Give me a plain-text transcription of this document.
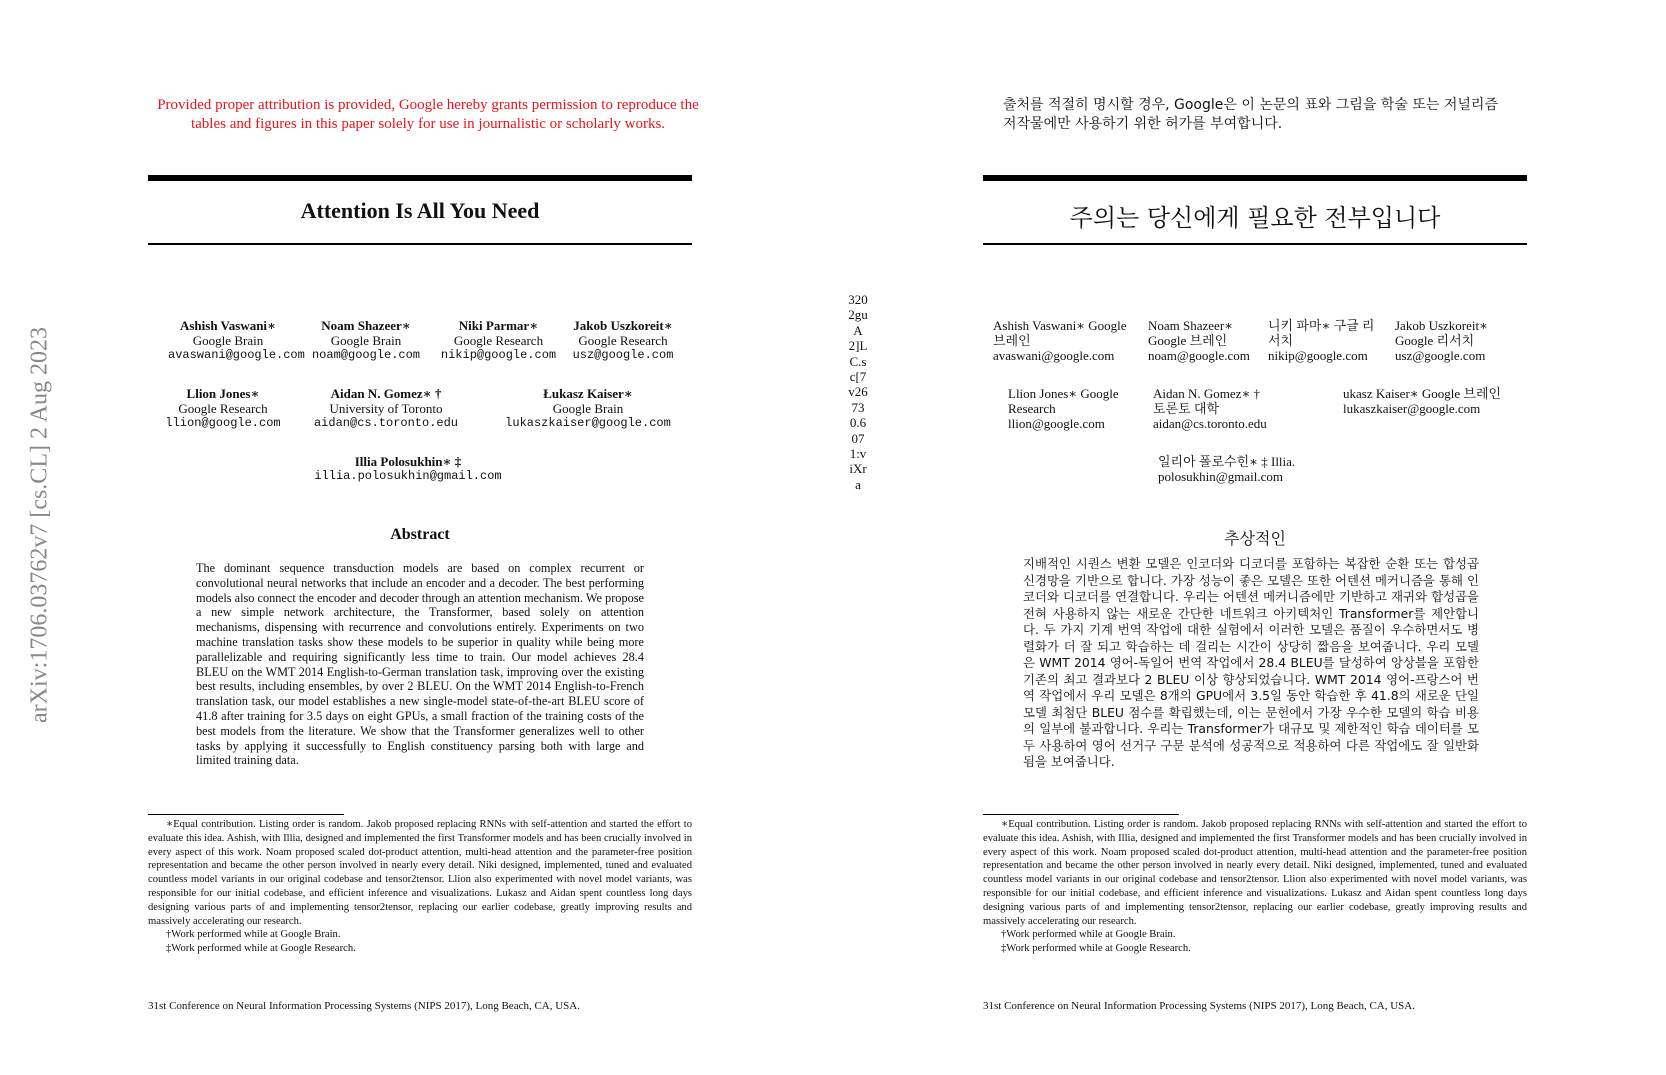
arXiv:1706.03762v7 [cs.CL] 2 Aug 2023
3202guA2]LC.sc[7v26730.6071:viXra
Provided proper attribution is provided, Google hereby grants permission to reproduce the tables and figures in this paper solely for use in journalistic or scholarly works.
Attention Is All You Need
Ashish Vaswani∗
Google Brain
avaswani@google.com
Noam Shazeer∗
Google Brain
noam@google.com
Niki Parmar∗
Google Research
nikip@google.com
Jakob Uszkoreit∗
Google Research
usz@google.com
Llion Jones∗
Google Research
llion@google.com
Aidan N. Gomez∗ †
University of Toronto
aidan@cs.toronto.edu
Łukasz Kaiser∗
Google Brain
lukaszkaiser@google.com
Illia Polosukhin∗ ‡
illia.polosukhin@gmail.com
Abstract
The dominant sequence transduction models are based on complex recurrent or convolutional neural networks that include an encoder and a decoder. The best performing models also connect the encoder and decoder through an attention mechanism. We propose a new simple network architecture, the Transformer, based solely on attention mechanisms, dispensing with recurrence and convolutions entirely. Experiments on two machine translation tasks show these models to be superior in quality while being more parallelizable and requiring significantly less time to train. Our model achieves 28.4 BLEU on the WMT 2014 English-to-German translation task, improving over the existing best results, including ensembles, by over 2 BLEU. On the WMT 2014 English-to-French translation task, our model establishes a new single-model state-of-the-art BLEU score of 41.8 after training for 3.5 days on eight GPUs, a small fraction of the training costs of the best models from the literature. We show that the Transformer generalizes well to other tasks by applying it successfully to English constituency parsing both with large and limited training data.

∗Equal contribution. Listing order is random. Jakob proposed replacing RNNs with self-attention and started the effort to evaluate this idea. Ashish, with Illia, designed and implemented the first Transformer models and has been crucially involved in every aspect of this work. Noam proposed scaled dot-product attention, multi-head attention and the parameter-free position representation and became the other person involved in nearly every detail. Niki designed, implemented, tuned and evaluated countless model variants in our original codebase and tensor2tensor. Llion also experimented with novel model variants, was responsible for our initial codebase, and efficient inference and visualizations. Lukasz and Aidan spent countless long days designing various parts of and implementing tensor2tensor, replacing our earlier codebase, greatly improving results and massively accelerating our research.

†Work performed while at Google Brain.

‡Work performed while at Google Research.

31st Conference on Neural Information Processing Systems (NIPS 2017), Long Beach, CA, USA.
출처를 적절히 명시할 경우, Google은 이 논문의 표와 그림을 학술 또는 저널리즘 저작물에만 사용하기 위한 허가를 부여합니다.
주의는 당신에게 필요한 전부입니다
Ashish Vaswani∗ Google 브레인 avaswani@google.com
Noam Shazeer∗ Google 브레인 noam@google.com
니키 파마∗ 구글 리서치 nikip@google.com
Jakob Uszkoreit∗ Google 리서치 usz@google.com
Llion Jones∗ Google Research llion@google.com
Aidan N. Gomez∗ † 토론토 대학aidan@cs.toronto.edu
ukasz Kaiser∗ Google 브레인 lukaszkaiser@google.com
일리아 폴로수힌∗ ‡ Illia. polosukhin@gmail.com
추상적인
지배적인 시퀀스 변환 모델은 인코더와 디코더를 포함하는 복잡한 순환 또는 합성곱 신경망을 기반으로 합니다. 가장 성능이 좋은 모델은 또한 어텐션 메커니즘을 통해 인코더와 디코더를 연결합니다. 우리는 어텐션 메커니즘에만 기반하고 재귀와 합성곱을 전혀 사용하지 않는 새로운 간단한 네트워크 아키텍처인 Transformer를 제안합니다. 두 가지 기계 번역 작업에 대한 실험에서 이러한 모델은 품질이 우수하면서도 병렬화가 더 잘 되고 학습하는 데 걸리는 시간이 상당히 짧음을 보여줍니다. 우리 모델은 WMT 2014 영어-독일어 번역 작업에서 28.4 BLEU를 달성하여 앙상블을 포함한 기존의 최고 결과보다 2 BLEU 이상 향상되었습니다. WMT 2014 영어-프랑스어 번역 작업에서 우리 모델은 8개의 GPU에서 3.5일 동안 학습한 후 41.8의 새로운 단일 모델 최첨단 BLEU 점수를 확립했는데, 이는 문헌에서 가장 우수한 모델의 학습 비용의 일부에 불과합니다. 우리는 Transformer가 대규모 및 제한적인 학습 데이터를 모두 사용하여 영어 선거구 구문 분석에 성공적으로 적용하여 다른 작업에도 잘 일반화됨을 보여줍니다.

∗Equal contribution. Listing order is random. Jakob proposed replacing RNNs with self-attention and started the effort to evaluate this idea. Ashish, with Illia, designed and implemented the first Transformer models and has been crucially involved in every aspect of this work. Noam proposed scaled dot-product attention, multi-head attention and the parameter-free position representation and became the other person involved in nearly every detail. Niki designed, implemented, tuned and evaluated countless model variants in our original codebase and tensor2tensor. Llion also experimented with novel model variants, was responsible for our initial codebase, and efficient inference and visualizations. Lukasz and Aidan spent countless long days designing various parts of and implementing tensor2tensor, replacing our earlier codebase, greatly improving results and massively accelerating our research.

†Work performed while at Google Brain.

‡Work performed while at Google Research.

31st Conference on Neural Information Processing Systems (NIPS 2017), Long Beach, CA, USA.
